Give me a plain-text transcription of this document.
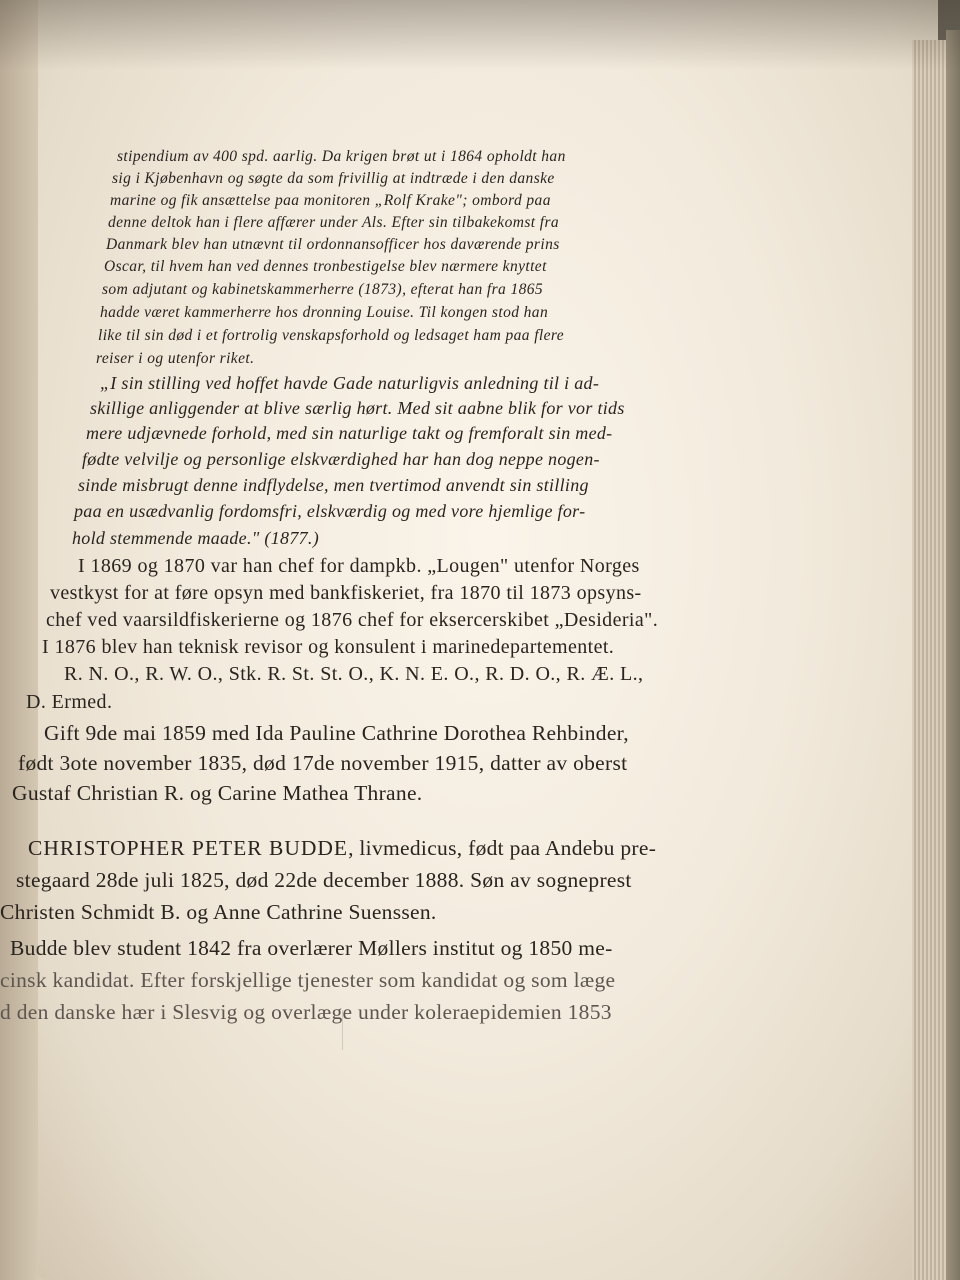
stipendium av 400 spd. aarlig. Da krigen brøt ut i 1864 opholdt han

sig i Kjøbenhavn og søgte da som frivillig at indtræde i den danske

marine og fik ansættelse paa monitoren „Rolf Krake"; ombord paa

denne deltok han i flere affærer under Als. Efter sin tilbakekomst fra

Danmark blev han utnævnt til ordonnansofficer hos daværende prins

Oscar, til hvem han ved dennes tronbestigelse blev nærmere knyttet

som adjutant og kabinetskammerherre (1873), efterat han fra 1865

hadde været kammerherre hos dronning Louise. Til kongen stod han

like til sin død i et fortrolig venskapsforhold og ledsaget ham paa flere

reiser i og utenfor riket.

„I sin stilling ved hoffet havde Gade naturligvis anledning til i ad-

skillige anliggender at blive særlig hørt. Med sit aabne blik for vor tids

mere udjævnede forhold, med sin naturlige takt og fremforalt sin med-

fødte velvilje og personlige elskværdighed har han dog neppe nogen-

sinde misbrugt denne indflydelse, men tvertimod anvendt sin stilling

paa en usædvanlig fordomsfri, elskværdig og med vore hjemlige for-

hold stemmende maade." (1877.)

I 1869 og 1870 var han chef for dampkb. „Lougen" utenfor Norges

vestkyst for at føre opsyn med bankfiskeriet, fra 1870 til 1873 opsyns-

chef ved vaarsildfiskerierne og 1876 chef for eksercerskibet „Desideria".

I 1876 blev han teknisk revisor og konsulent i marinedepartementet.

R. N. O., R. W. O., Stk. R. St. St. O., K. N. E. O., R. D. O., R. Æ. L.,

D. Ermed.

Gift 9de mai 1859 med Ida Pauline Cathrine Dorothea Rehbinder,

født 3ote november 1835, død 17de november 1915, datter av oberst

Gustaf Christian R. og Carine Mathea Thrane.

CHRISTOPHER PETER BUDDE, livmedicus, født paa Andebu pre-

stegaard 28de juli 1825, død 22de december 1888. Søn av sogneprest

Christen Schmidt B. og Anne Cathrine Suenssen.

Budde blev student 1842 fra overlærer Møllers institut og 1850 me-

cinsk kandidat. Efter forskjellige tjenester som kandidat og som læge

d den danske hær i Slesvig og overlæge under koleraepidemien 1853
